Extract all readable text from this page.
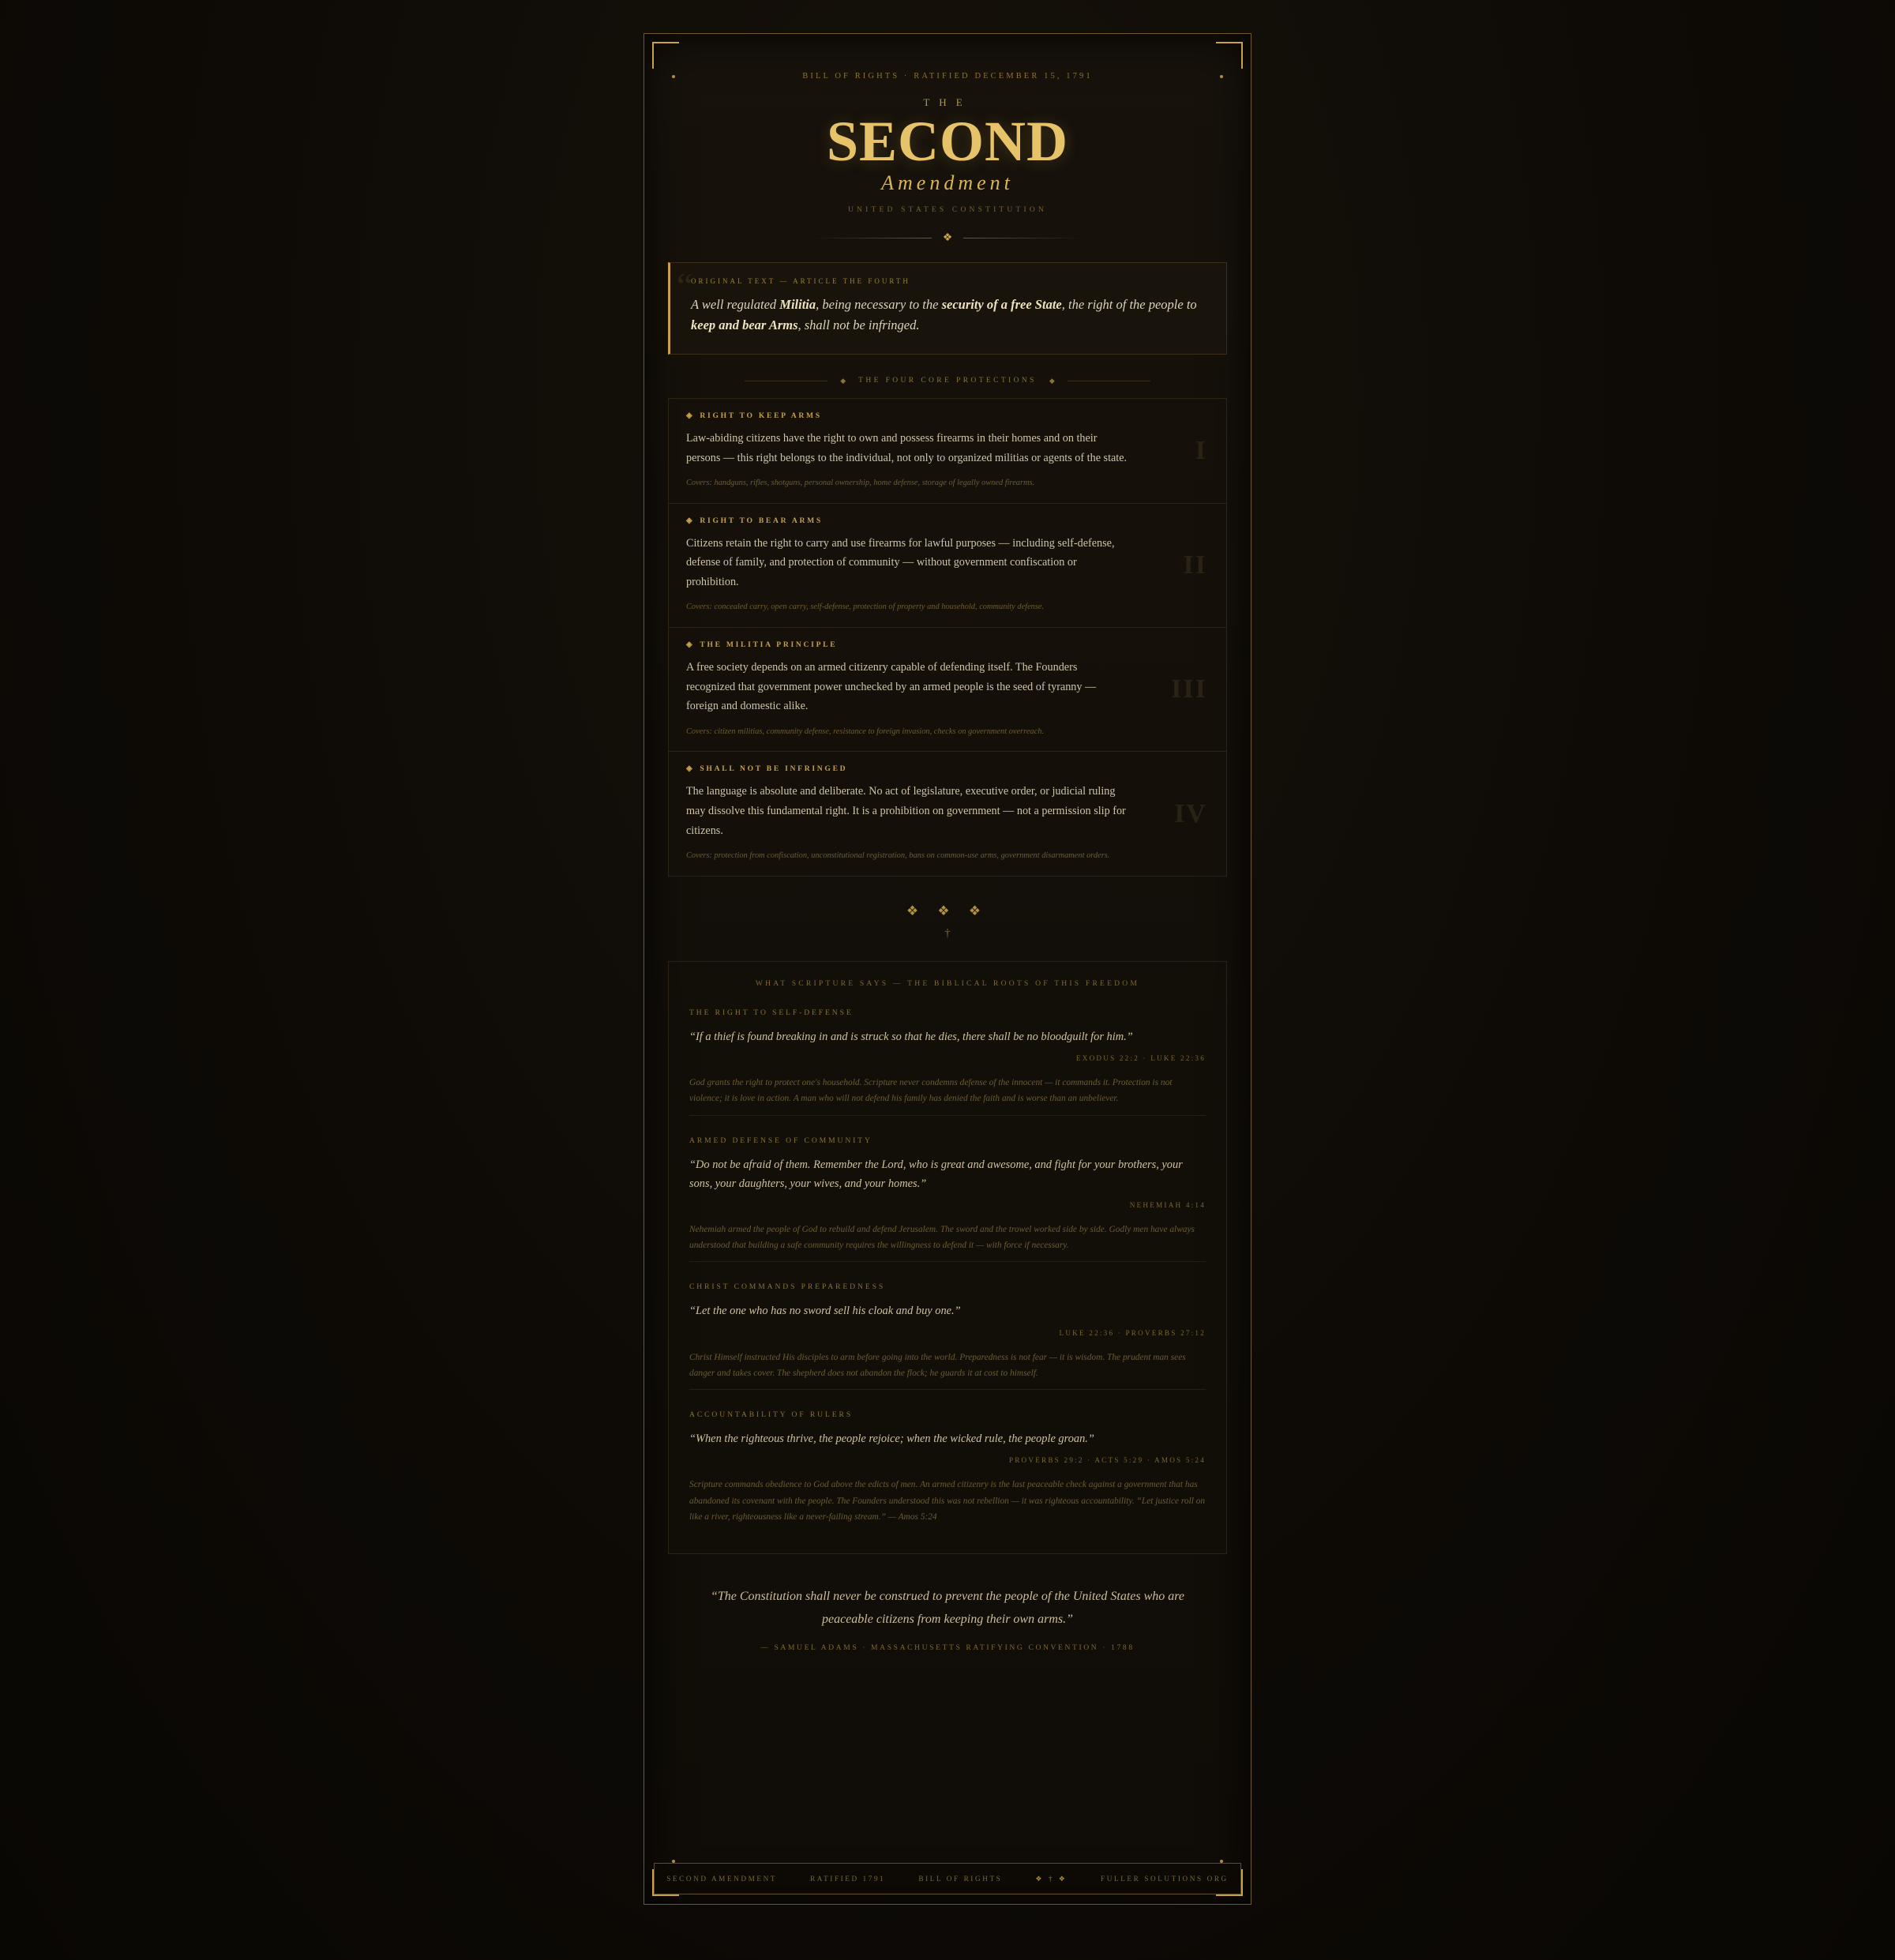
BILL OF RIGHTS · RATIFIED DECEMBER 15, 1791
THE
SECOND
Amendment
UNITED STATES CONSTITUTION
❖
“
ORIGINAL TEXT — ARTICLE THE FOURTH
A well regulated Militia, being necessary to the security of a free State, the right of the people to keep and bear Arms, shall not be infringed.
◆ THE FOUR CORE PROTECTIONS ◆
◈ RIGHT TO KEEP ARMS
Law-abiding citizens have the right to own and possess firearms in their homes and on their persons — this right belongs to the individual, not only to organized militias or agents of the state.
Covers: handguns, rifles, shotguns, personal ownership, home defense, storage of legally owned firearms.
I
◈ RIGHT TO BEAR ARMS
Citizens retain the right to carry and use firearms for lawful purposes — including self-defense, defense of family, and protection of community — without government confiscation or prohibition.
Covers: concealed carry, open carry, self-defense, protection of property and household, community defense.
II
◈ THE MILITIA PRINCIPLE
A free society depends on an armed citizenry capable of defending itself. The Founders recognized that government power unchecked by an armed people is the seed of tyranny — foreign and domestic alike.
Covers: citizen militias, community defense, resistance to foreign invasion, checks on government overreach.
III
◈ SHALL NOT BE INFRINGED
The language is absolute and deliberate. No act of legislature, executive order, or judicial ruling may dissolve this fundamental right. It is a prohibition on government — not a permission slip for citizens.
Covers: protection from confiscation, unconstitutional registration, bans on common-use arms, government disarmament orders.
IV
❖ ❖ ❖
†
WHAT SCRIPTURE SAYS — THE BIBLICAL ROOTS OF THIS FREEDOM
THE RIGHT TO SELF-DEFENSE
“If a thief is found breaking in and is struck so that he dies, there shall be no bloodguilt for him.”
EXODUS 22:2 · LUKE 22:36
God grants the right to protect one's household. Scripture never condemns defense of the innocent — it commands it. Protection is not violence; it is love in action. A man who will not defend his family has denied the faith and is worse than an unbeliever.
ARMED DEFENSE OF COMMUNITY
“Do not be afraid of them. Remember the Lord, who is great and awesome, and fight for your brothers, your sons, your daughters, your wives, and your homes.”
NEHEMIAH 4:14
Nehemiah armed the people of God to rebuild and defend Jerusalem. The sword and the trowel worked side by side. Godly men have always understood that building a safe community requires the willingness to defend it — with force if necessary.
CHRIST COMMANDS PREPAREDNESS
“Let the one who has no sword sell his cloak and buy one.”
LUKE 22:36 · PROVERBS 27:12
Christ Himself instructed His disciples to arm before going into the world. Preparedness is not fear — it is wisdom. The prudent man sees danger and takes cover. The shepherd does not abandon the flock; he guards it at cost to himself.
ACCOUNTABILITY OF RULERS
“When the righteous thrive, the people rejoice; when the wicked rule, the people groan.”
PROVERBS 29:2 · ACTS 5:29 · AMOS 5:24
Scripture commands obedience to God above the edicts of men. An armed citizenry is the last peaceable check against a government that has abandoned its covenant with the people. The Founders understood this was not rebellion — it was righteous accountability. “Let justice roll on like a river, righteousness like a never-failing stream.” — Amos 5:24
“The Constitution shall never be construed to prevent the people of the United States who are peaceable citizens from keeping their own arms.”
— SAMUEL ADAMS · MASSACHUSETTS RATIFYING CONVENTION · 1788
SECOND AMENDMENT	RATIFIED 1791	BILL OF RIGHTS	❖ † ❖	FULLER SOLUTIONS ORG
